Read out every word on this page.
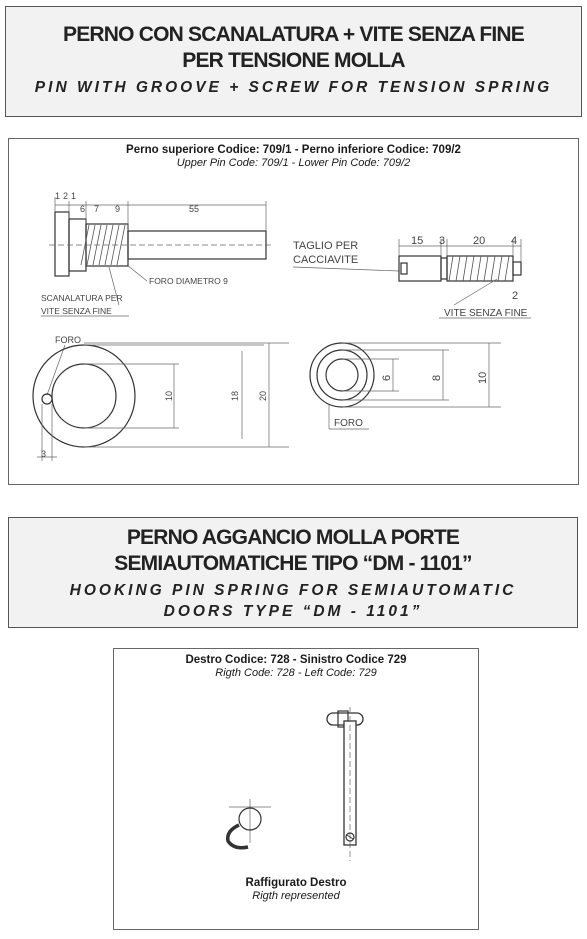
PERNO CON SCANALATURA + VITE SENZA FINE
PER TENSIONE MOLLA
PIN WITH GROOVE + SCREW FOR TENSION SPRING
Perno superiore Codice: 709/1 - Perno inferiore Codice: 709/2
Upper Pin Code: 709/1 - Lower Pin Code: 709/2
1 2 1
6 7 9	55
FORO DIAMETRO 9
SCANALATURA PER
VITE SENZA FINE
TAGLIO PER
CACCIAVITE
15 3	20 4
2
VITE SENZA FINE
FORO
10	18 20
3
6	8	10
FORO
PERNO AGGANCIO MOLLA PORTE
SEMIAUTOMATICHE TIPO “DM - 1101”
HOOKING PIN SPRING FOR SEMIAUTOMATIC
DOORS TYPE “DM - 1101”
Destro Codice: 728 - Sinistro Codice 729
Rigth Code: 728 - Left Code: 729
Raffigurato Destro
Rigth represented
